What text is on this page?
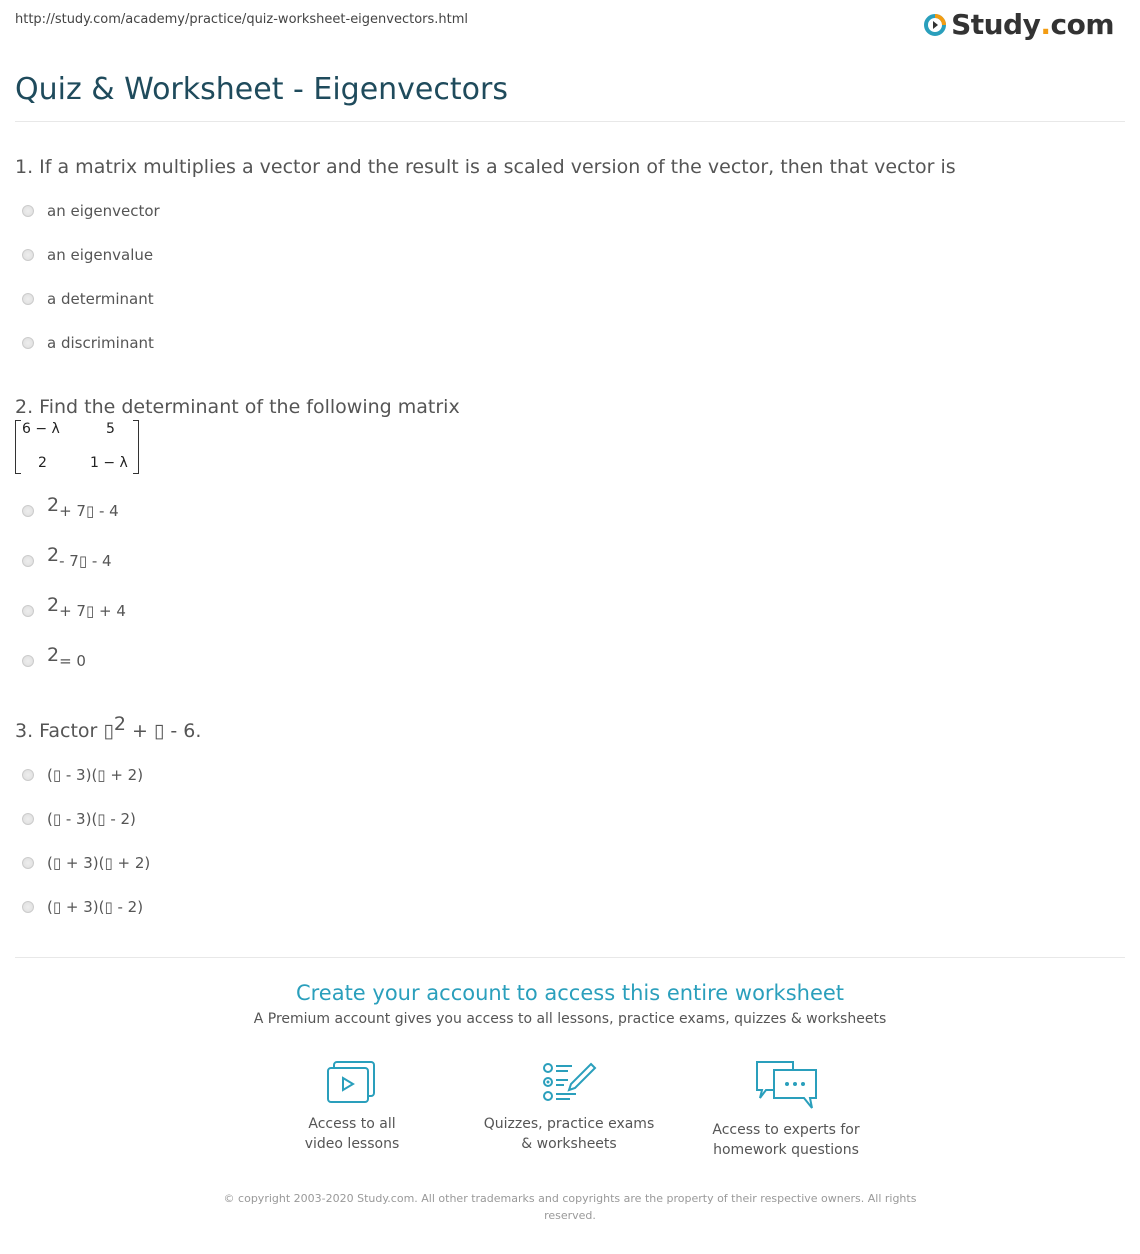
http://study.com/academy/practice/quiz-worksheet-eigenvectors.html	Study . com
Quiz & Worksheet - Eigenvectors
1. If a matrix multiplies a vector and the result is a scaled version of the vector, then that vector is
an eigenvector
an eigenvalue
a determinant
a discriminant
2. Find the determinant of the following matrix
6 − λ	5
2	1 − λ
2 + 7▯ - 4
2 - 7▯ - 4
2 + 7▯ + 4
2 = 0
3. Factor ▯2 + ▯ - 6.
(▯ - 3)(▯ + 2)
(▯ - 3)(▯ - 2)
(▯ + 3)(▯ + 2)
(▯ + 3)(▯ - 2)
Create your account to access this entire worksheet
A Premium account gives you access to all lessons, practice exams, quizzes & worksheets
Access to all
video lessons
Quizzes, practice exams
& worksheets
Access to experts for
homework questions
© copyright 2003-2020 Study.com. All other trademarks and copyrights are the property of their respective owners. All rights
reserved.
